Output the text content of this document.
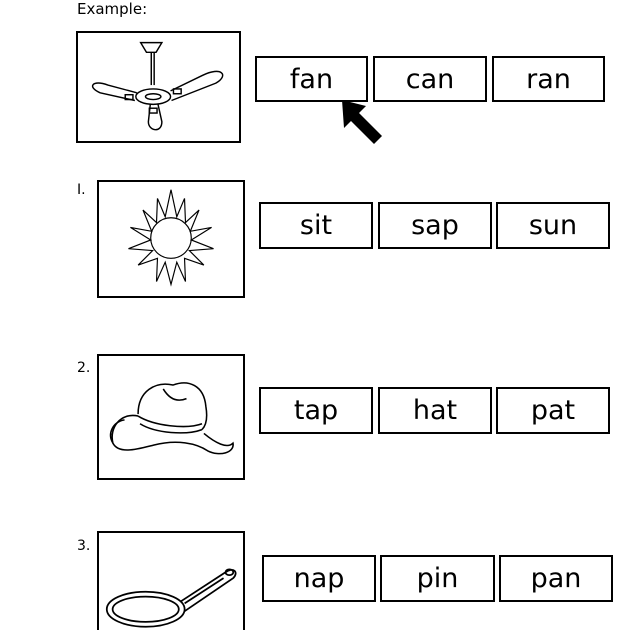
Example:
fan	can	ran
I.
sit	sap	sun
2.
tap	hat	pat
3.
nap	pin	pan
